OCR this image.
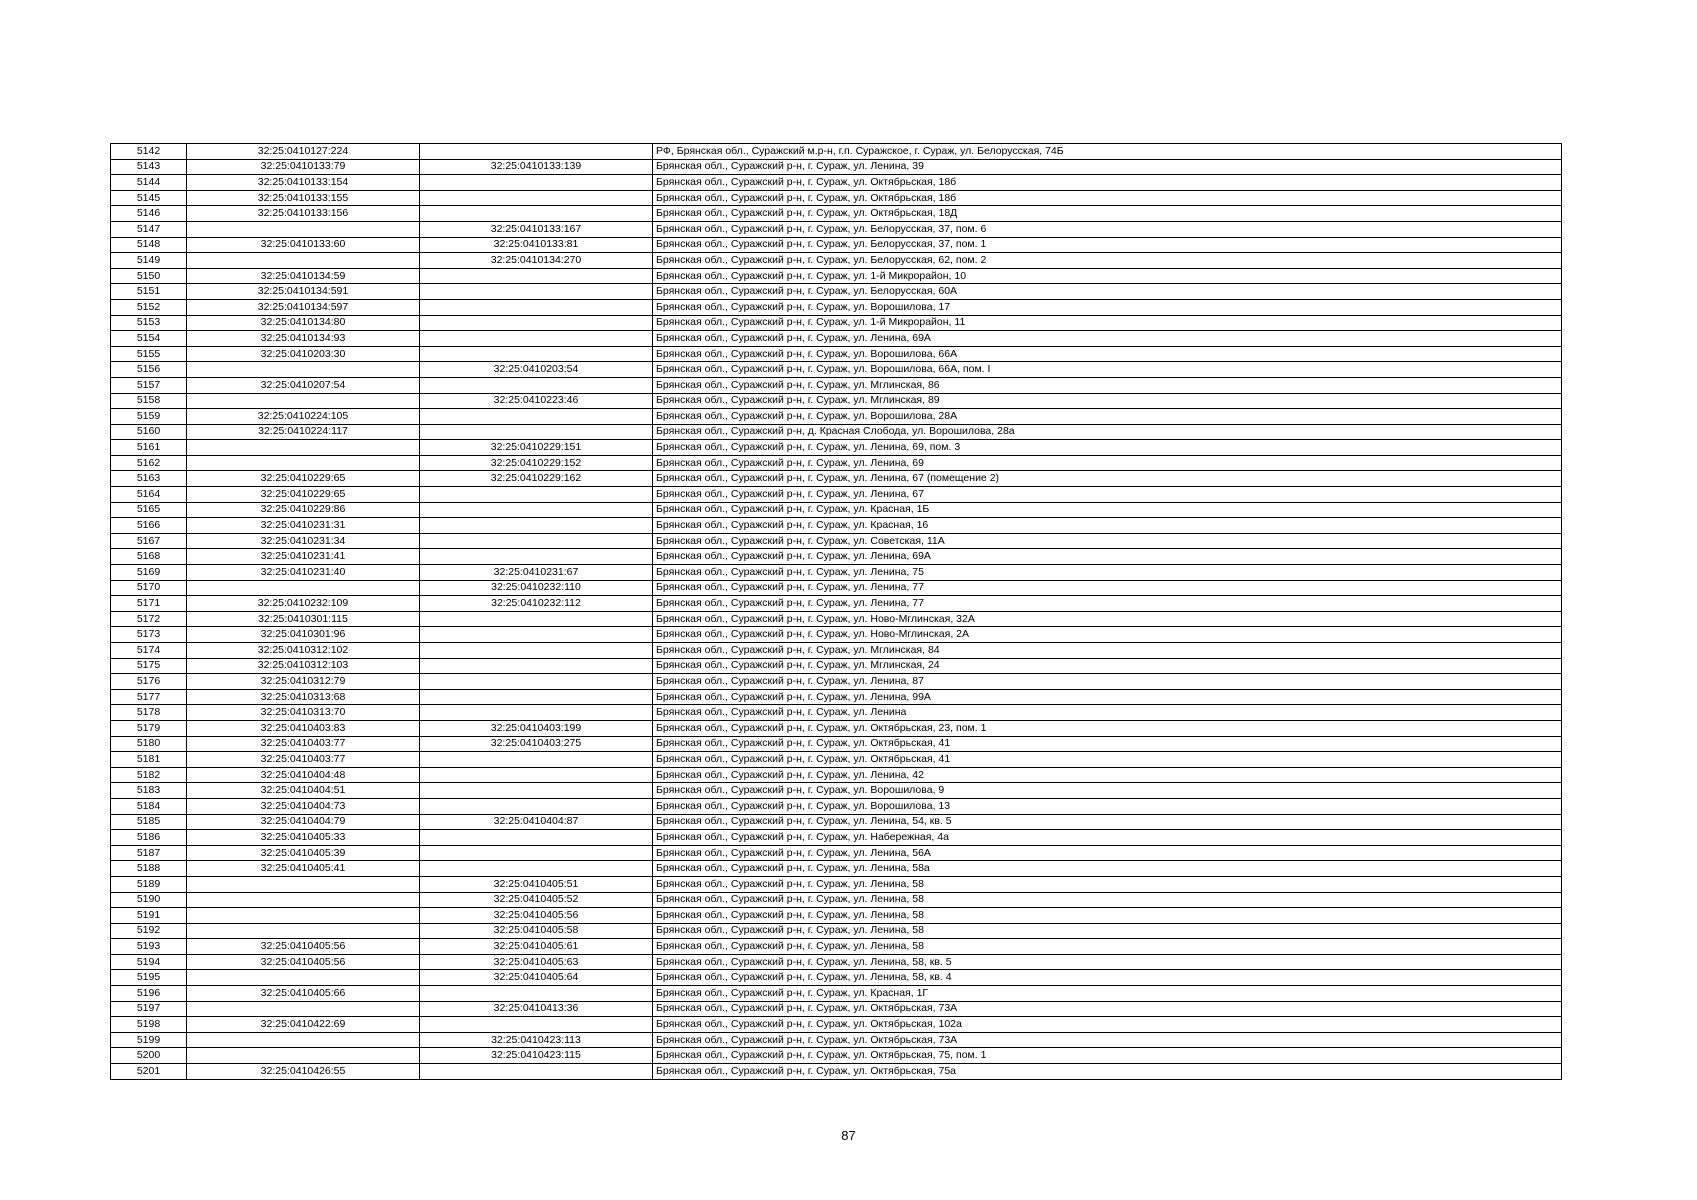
5142	32:25:0410127:224		РФ, Брянская обл., Суражский м.р-н, г.п. Суражское, г. Сураж, ул. Белорусская, 74Б
5143	32:25:0410133:79	32:25:0410133:139	Брянская обл., Суражский р-н, г. Сураж, ул. Ленина, 39
5144	32:25:0410133:154		Брянская обл., Суражский р-н, г. Сураж, ул. Октябрьская, 18б
5145	32:25:0410133:155		Брянская обл., Суражский р-н, г. Сураж, ул. Октябрьская, 18б
5146	32:25:0410133:156		Брянская обл., Суражский р-н, г. Сураж, ул. Октябрьская, 18Д
5147		32:25:0410133:167	Брянская обл., Суражский р-н, г. Сураж, ул. Белорусская, 37, пом. 6
5148	32:25:0410133:60	32:25:0410133:81	Брянская обл., Суражский р-н, г. Сураж, ул. Белорусская, 37, пом. 1
5149		32:25:0410134:270	Брянская обл., Суражский р-н, г. Сураж, ул. Белорусская, 62, пом. 2
5150	32:25:0410134:59		Брянская обл., Суражский р-н, г. Сураж, ул. 1-й Микрорайон, 10
5151	32:25:0410134:591		Брянская обл., Суражский р-н, г. Сураж, ул. Белорусская, 60А
5152	32:25:0410134:597		Брянская обл., Суражский р-н, г. Сураж, ул. Ворошилова, 17
5153	32:25:0410134:80		Брянская обл., Суражский р-н, г. Сураж, ул. 1-й Микрорайон, 11
5154	32:25:0410134:93		Брянская обл., Суражский р-н, г. Сураж, ул. Ленина, 69А
5155	32:25:0410203:30		Брянская обл., Суражский р-н, г. Сураж, ул. Ворошилова, 66А
5156		32:25:0410203:54	Брянская обл., Суражский р-н, г. Сураж, ул. Ворошилова, 66А, пом. I
5157	32:25:0410207:54		Брянская обл., Суражский р-н, г. Сураж, ул. Мглинская, 86
5158		32:25:0410223:46	Брянская обл., Суражский р-н, г. Сураж, ул. Мглинская, 89
5159	32:25:0410224:105		Брянская обл., Суражский р-н, г. Сураж, ул. Ворошилова, 28А
5160	32:25:0410224:117		Брянская обл., Суражский р-н, д. Красная Слобода, ул. Ворошилова, 28а
5161		32:25:0410229:151	Брянская обл., Суражский р-н, г. Сураж, ул. Ленина, 69, пом. 3
5162		32:25:0410229:152	Брянская обл., Суражский р-н, г. Сураж, ул. Ленина, 69
5163	32:25:0410229:65	32:25:0410229:162	Брянская обл., Суражский р-н, г. Сураж, ул. Ленина, 67 (помещение 2)
5164	32:25:0410229:65		Брянская обл., Суражский р-н, г. Сураж, ул. Ленина, 67
5165	32:25:0410229:86		Брянская обл., Суражский р-н, г. Сураж, ул. Красная, 1Б
5166	32:25:0410231:31		Брянская обл., Суражский р-н, г. Сураж, ул. Красная, 16
5167	32:25:0410231:34		Брянская обл., Суражский р-н, г. Сураж, ул. Советская, 11А
5168	32:25:0410231:41		Брянская обл., Суражский р-н, г. Сураж, ул. Ленина, 69А
5169	32:25:0410231:40	32:25:0410231:67	Брянская обл., Суражский р-н, г. Сураж, ул. Ленина, 75
5170		32:25:0410232:110	Брянская обл., Суражский р-н, г. Сураж, ул. Ленина, 77
5171	32:25:0410232:109	32:25:0410232:112	Брянская обл., Суражский р-н, г. Сураж, ул. Ленина, 77
5172	32:25:0410301:115		Брянская обл., Суражский р-н, г. Сураж, ул. Ново-Мглинская, 32А
5173	32:25:0410301:96		Брянская обл., Суражский р-н, г. Сураж, ул. Ново-Мглинская, 2А
5174	32:25:0410312:102		Брянская обл., Суражский р-н, г. Сураж, ул. Мглинская, 84
5175	32:25:0410312:103		Брянская обл., Суражский р-н, г. Сураж, ул. Мглинская, 24
5176	32:25:0410312:79		Брянская обл., Суражский р-н, г. Сураж, ул. Ленина, 87
5177	32:25:0410313:68		Брянская обл., Суражский р-н, г. Сураж, ул. Ленина, 99А
5178	32:25:0410313:70		Брянская обл., Суражский р-н, г. Сураж, ул. Ленина
5179	32:25:0410403:83	32:25:0410403:199	Брянская обл., Суражский р-н, г. Сураж, ул. Октябрьская, 23, пом. 1
5180	32:25:0410403:77	32:25:0410403:275	Брянская обл., Суражский р-н, г. Сураж, ул. Октябрьская, 41
5181	32:25:0410403:77		Брянская обл., Суражский р-н, г. Сураж, ул. Октябрьская, 41
5182	32:25:0410404:48		Брянская обл., Суражский р-н, г. Сураж, ул. Ленина, 42
5183	32:25:0410404:51		Брянская обл., Суражский р-н, г. Сураж, ул. Ворошилова, 9
5184	32:25:0410404:73		Брянская обл., Суражский р-н, г. Сураж, ул. Ворошилова, 13
5185	32:25:0410404:79	32:25:0410404:87	Брянская обл., Суражский р-н, г. Сураж, ул. Ленина, 54, кв. 5
5186	32:25:0410405:33		Брянская обл., Суражский р-н, г. Сураж, ул. Набережная, 4а
5187	32:25:0410405:39		Брянская обл., Суражский р-н, г. Сураж, ул. Ленина, 56А
5188	32:25:0410405:41		Брянская обл., Суражский р-н, г. Сураж, ул. Ленина, 58а
5189		32:25:0410405:51	Брянская обл., Суражский р-н, г. Сураж, ул. Ленина, 58
5190		32:25:0410405:52	Брянская обл., Суражский р-н, г. Сураж, ул. Ленина, 58
5191		32:25:0410405:56	Брянская обл., Суражский р-н, г. Сураж, ул. Ленина, 58
5192		32:25:0410405:58	Брянская обл., Суражский р-н, г. Сураж, ул. Ленина, 58
5193	32:25:0410405:56	32:25:0410405:61	Брянская обл., Суражский р-н, г. Сураж, ул. Ленина, 58
5194	32:25:0410405:56	32:25:0410405:63	Брянская обл., Суражский р-н, г. Сураж, ул. Ленина, 58, кв. 5
5195		32:25:0410405:64	Брянская обл., Суражский р-н, г. Сураж, ул. Ленина, 58, кв. 4
5196	32:25:0410405:66		Брянская обл., Суражский р-н, г. Сураж, ул. Красная, 1Г
5197		32:25:0410413:36	Брянская обл., Суражский р-н, г. Сураж, ул. Октябрьская, 73А
5198	32:25:0410422:69		Брянская обл., Суражский р-н, г. Сураж, ул. Октябрьская, 102а
5199		32:25:0410423:113	Брянская обл., Суражский р-н, г. Сураж, ул. Октябрьская, 73А
5200		32:25:0410423:115	Брянская обл., Суражский р-н, г. Сураж, ул. Октябрьская, 75, пом. 1
5201	32:25:0410426:55		Брянская обл., Суражский р-н, г. Сураж, ул. Октябрьская, 75а
87
